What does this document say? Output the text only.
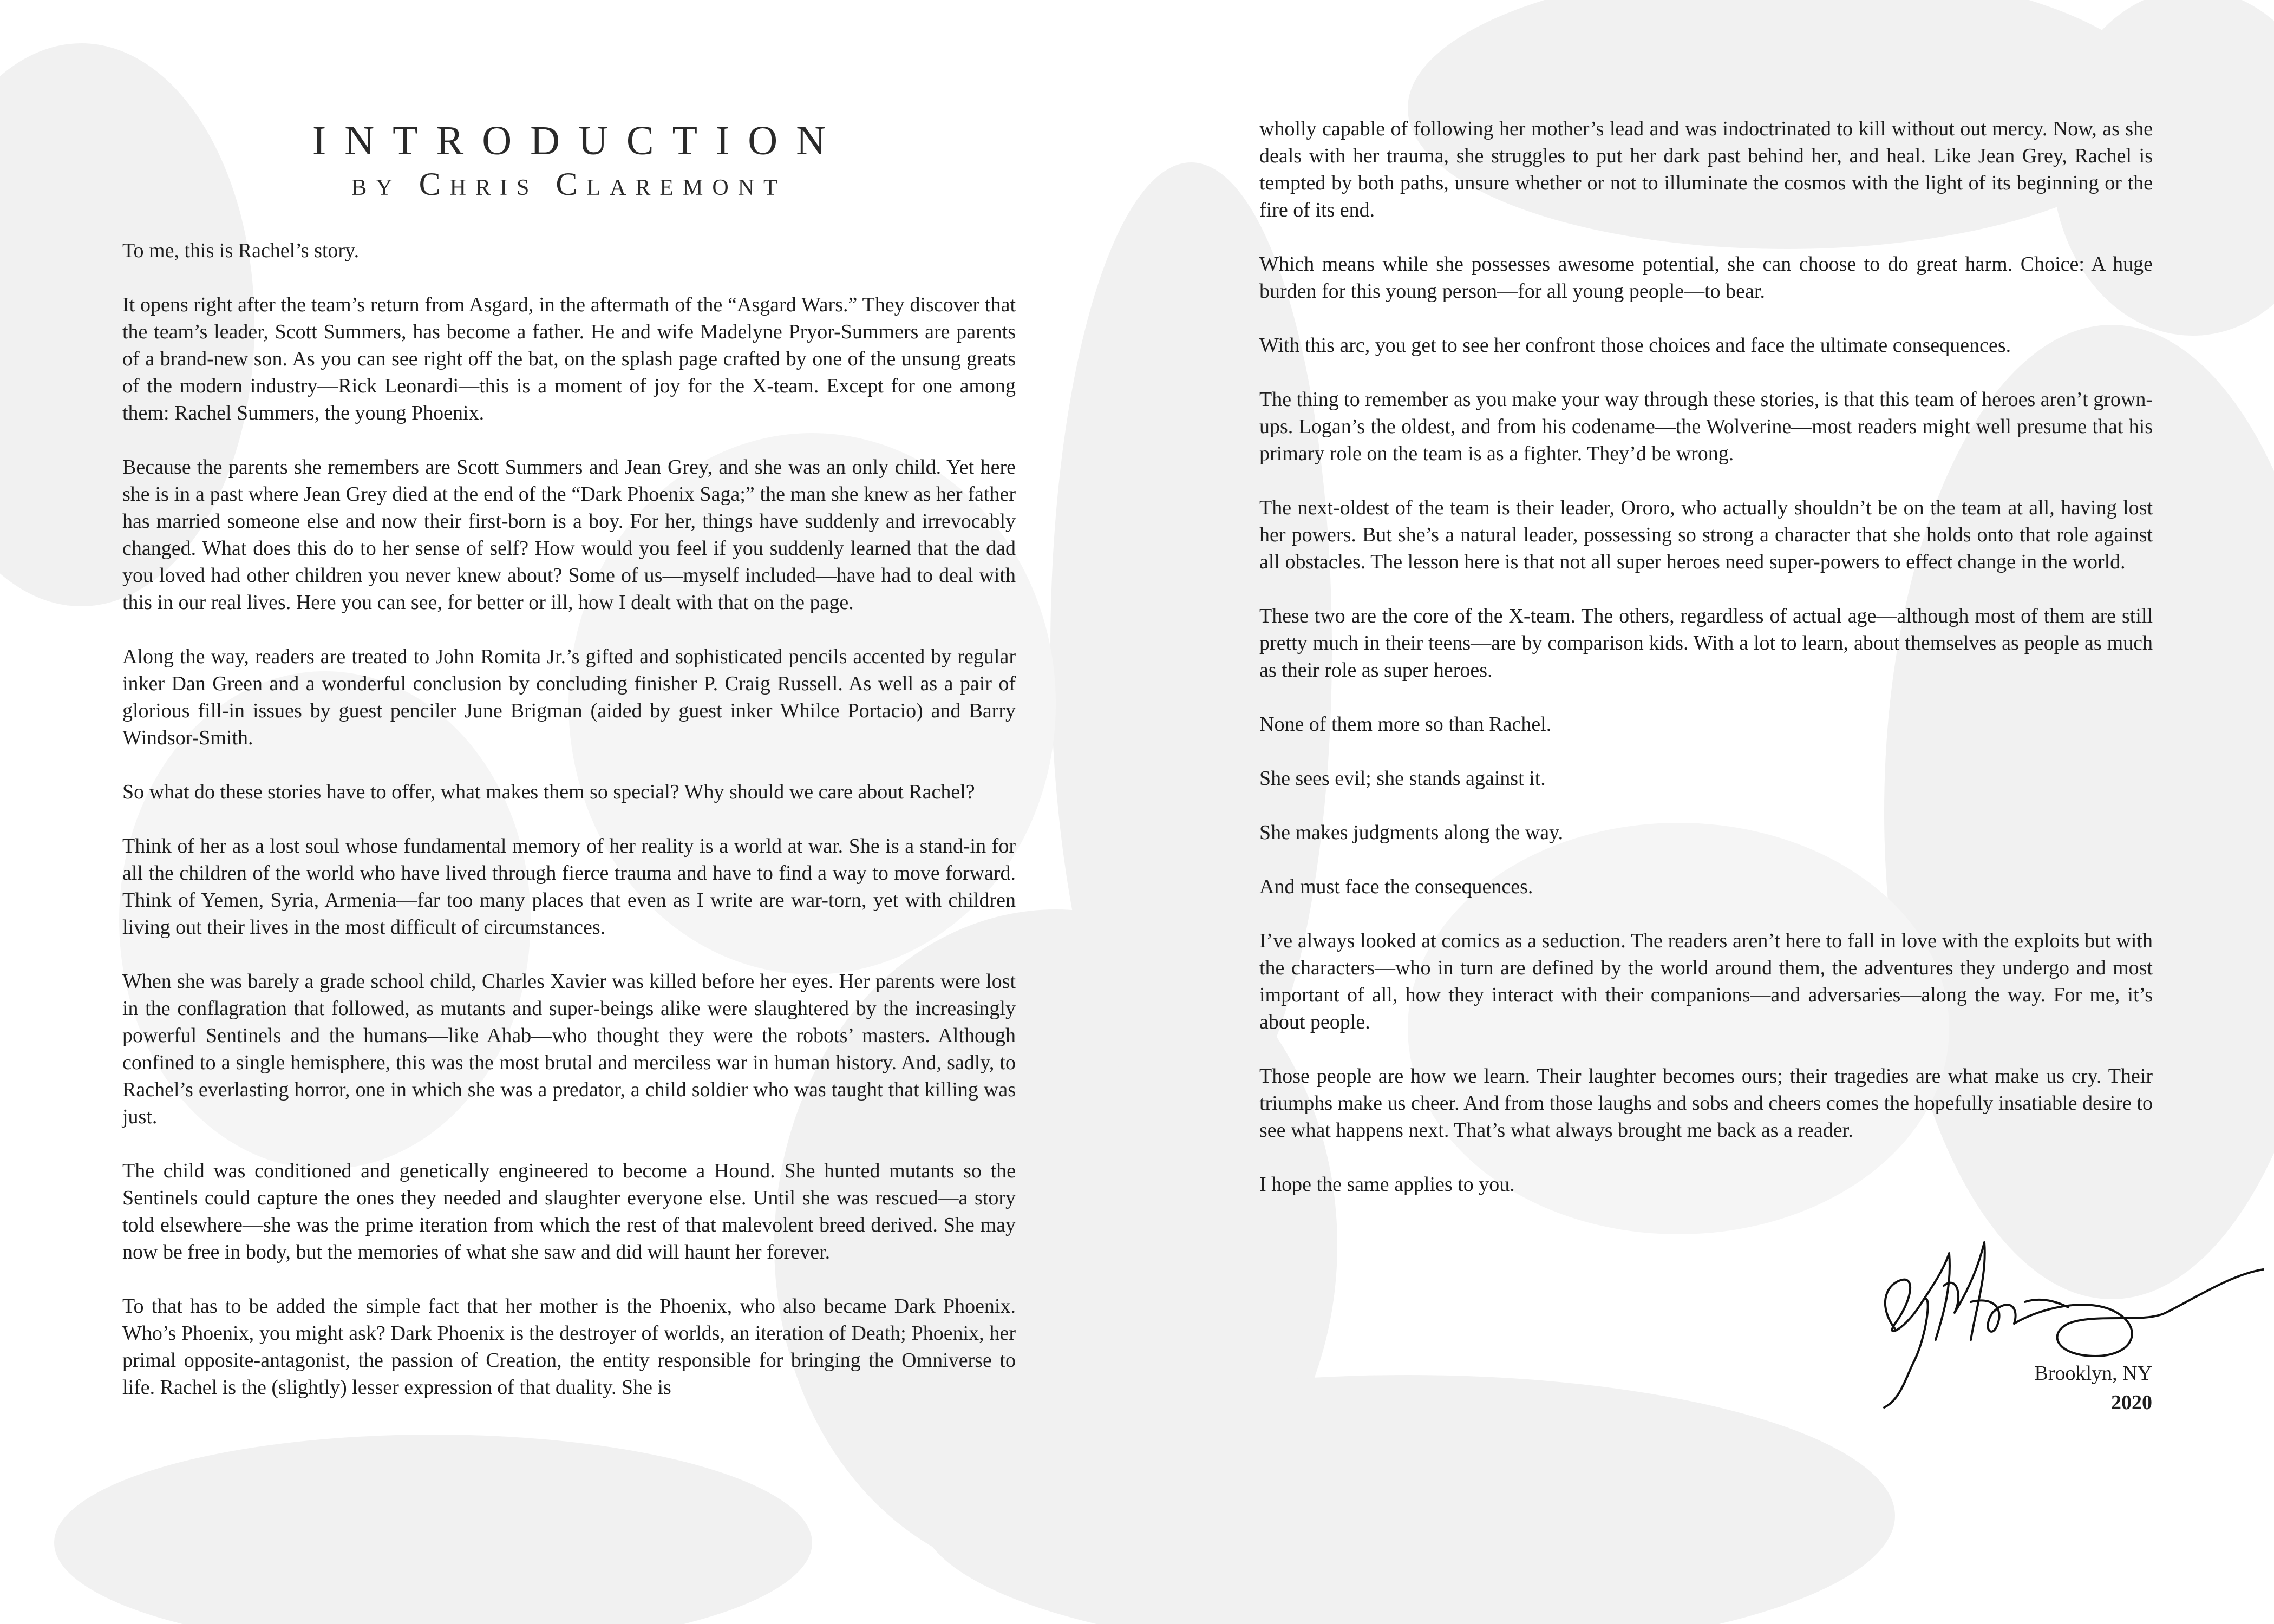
INTRODUCTION
by Chris Claremont

To me, this is Rachel’s story.

It opens right after the team’s return from Asgard, in the aftermath of the “Asgard Wars.” They discover that the team’s leader, Scott Summers, has become a father. He and wife Madelyne Pryor-Summers are parents of a brand-new son. As you can see right off the bat, on the splash page crafted by one of the unsung greats of the modern industry—Rick Leonardi—this is a moment of joy for the X-team. Except for one among them: Rachel Summers, the young Phoenix.

Because the parents she remembers are Scott Summers and Jean Grey, and she was an only child. Yet here she is in a past where Jean Grey died at the end of the “Dark Phoenix Saga;” the man she knew as her father has married someone else and now their first-born is a boy. For her, things have suddenly and irrevocably changed. What does this do to her sense of self? How would you feel if you suddenly learned that the dad you loved had other children you never knew about? Some of us—myself included—have had to deal with this in our real lives. Here you can see, for better or ill, how I dealt with that on the page.

Along the way, readers are treated to John Romita Jr.’s gifted and sophisticated pencils accented by regular inker Dan Green and a wonderful conclusion by concluding finisher P. Craig Russell. As well as a pair of glorious fill-in issues by guest penciler June Brigman (aided by guest inker Whilce Portacio) and Barry Windsor-Smith.

So what do these stories have to offer, what makes them so special? Why should we care about Rachel?

Think of her as a lost soul whose fundamental memory of her reality is a world at war. She is a stand-in for all the children of the world who have lived through fierce trauma and have to find a way to move forward. Think of Yemen, Syria, Armenia—far too many places that even as I write are war-torn, yet with children living out their lives in the most difficult of circumstances.

When she was barely a grade school child, Charles Xavier was killed before her eyes. Her parents were lost in the conflagration that followed, as mutants and super-beings alike were slaughtered by the increasingly powerful Sentinels and the humans—like Ahab—who thought they were the robots’ masters. Although confined to a single hemisphere, this was the most brutal and merciless war in human history. And, sadly, to Rachel’s everlasting horror, one in which she was a predator, a child soldier who was taught that killing was just.

The child was conditioned and genetically engineered to become a Hound. She hunted mutants so the Sentinels could capture the ones they needed and slaughter everyone else. Until she was rescued—a story told elsewhere—she was the prime iteration from which the rest of that malevolent breed derived. She may now be free in body, but the memories of what she saw and did will haunt her forever.

To that has to be added the simple fact that her mother is the Phoenix, who also became Dark Phoenix. Who’s Phoenix, you might ask? Dark Phoenix is the destroyer of worlds, an iteration of Death; Phoenix, her primal opposite-antagonist, the passion of Creation, the entity responsible for bringing the Omniverse to life. Rachel is the (slightly) lesser expression of that duality. She is

wholly capable of following her mother’s lead and was indoctrinated to kill without out mercy. Now, as she deals with her trauma, she struggles to put her dark past behind her, and heal. Like Jean Grey, Rachel is tempted by both paths, unsure whether or not to illuminate the cosmos with the light of its beginning or the fire of its end.

Which means while she possesses awesome potential, she can choose to do great harm. Choice: A huge burden for this young person—for all young people—to bear.

With this arc, you get to see her confront those choices and face the ultimate consequences.

The thing to remember as you make your way through these stories, is that this team of heroes aren’t grown-ups. Logan’s the oldest, and from his codename—the Wolverine—most readers might well presume that his primary role on the team is as a fighter. They’d be wrong.

The next-oldest of the team is their leader, Ororo, who actually shouldn’t be on the team at all, having lost her powers. But she’s a natural leader, possessing so strong a character that she holds onto that role against all obstacles. The lesson here is that not all super heroes need super-powers to effect change in the world.

These two are the core of the X-team. The others, regardless of actual age—although most of them are still pretty much in their teens—are by comparison kids. With a lot to learn, about themselves as people as much as their role as super heroes.

None of them more so than Rachel.

She sees evil; she stands against it.

She makes judgments along the way.

And must face the consequences.

I’ve always looked at comics as a seduction. The readers aren’t here to fall in love with the exploits but with the characters—who in turn are defined by the world around them, the adventures they undergo and most important of all, how they interact with their companions—and adversaries—along the way. For me, it’s about people.

Those people are how we learn. Their laughter becomes ours; their tragedies are what make us cry. Their triumphs make us cheer. And from those laughs and sobs and cheers comes the hopefully insatiable desire to see what happens next. That’s what always brought me back as a reader.

I hope the same applies to you.

Brooklyn, NY
2020
